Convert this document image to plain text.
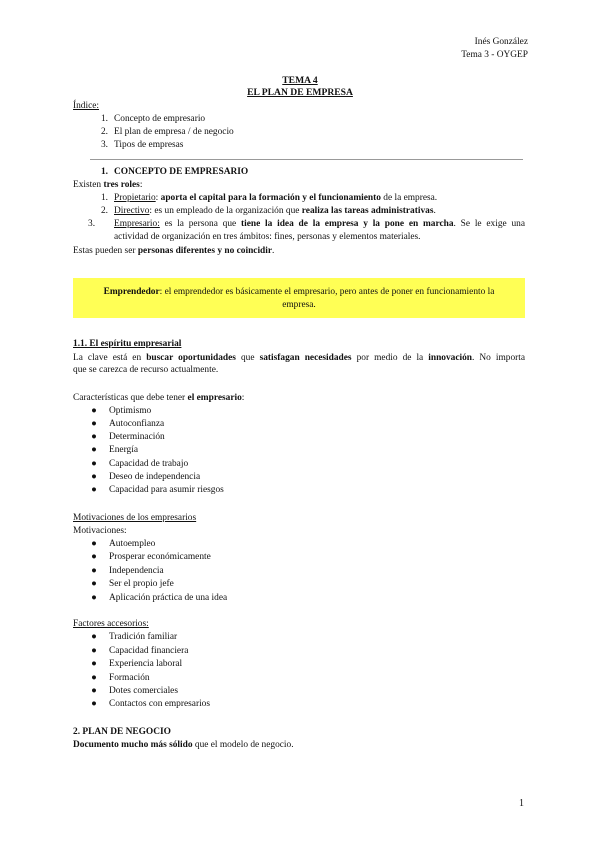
Inés González
Tema 3 - OYGEP
TEMA 4
EL PLAN DE EMPRESA
Índice:
1. Concepto de empresario
2. El plan de empresa / de negocio
3. Tipos de empresas
1. CONCEPTO DE EMPRESARIO
Existen tres roles:
1. Propietario: aporta el capital para la formación y el funcionamiento de la empresa.
2. Directivo: es un empleado de la organización que realiza las tareas administrativas.
3. Empresario: es la persona que tiene la idea de la empresa y la pone en marcha. Se le exige una
actividad de organización en tres ámbitos: fines, personas y elementos materiales.
Estas pueden ser personas diferentes y no coincidir.
Emprendedor: el emprendedor es básicamente el empresario, pero antes de poner en funcionamiento la
empresa.
1.1. El espíritu empresarial
La clave está en buscar oportunidades que satisfagan necesidades por medio de la innovación. No importa
que se carezca de recurso actualmente.
Características que debe tener el empresario:
● Optimismo
● Autoconfianza
● Determinación
● Energía
● Capacidad de trabajo
● Deseo de independencia
● Capacidad para asumir riesgos
Motivaciones de los empresarios
Motivaciones:
● Autoempleo
● Prosperar económicamente
● Independencia
● Ser el propio jefe
● Aplicación práctica de una idea
Factores accesorios:
● Tradición familiar
● Capacidad financiera
● Experiencia laboral
● Formación
● Dotes comerciales
● Contactos con empresarios
2. PLAN DE NEGOCIO
Documento mucho más sólido que el modelo de negocio.
1
